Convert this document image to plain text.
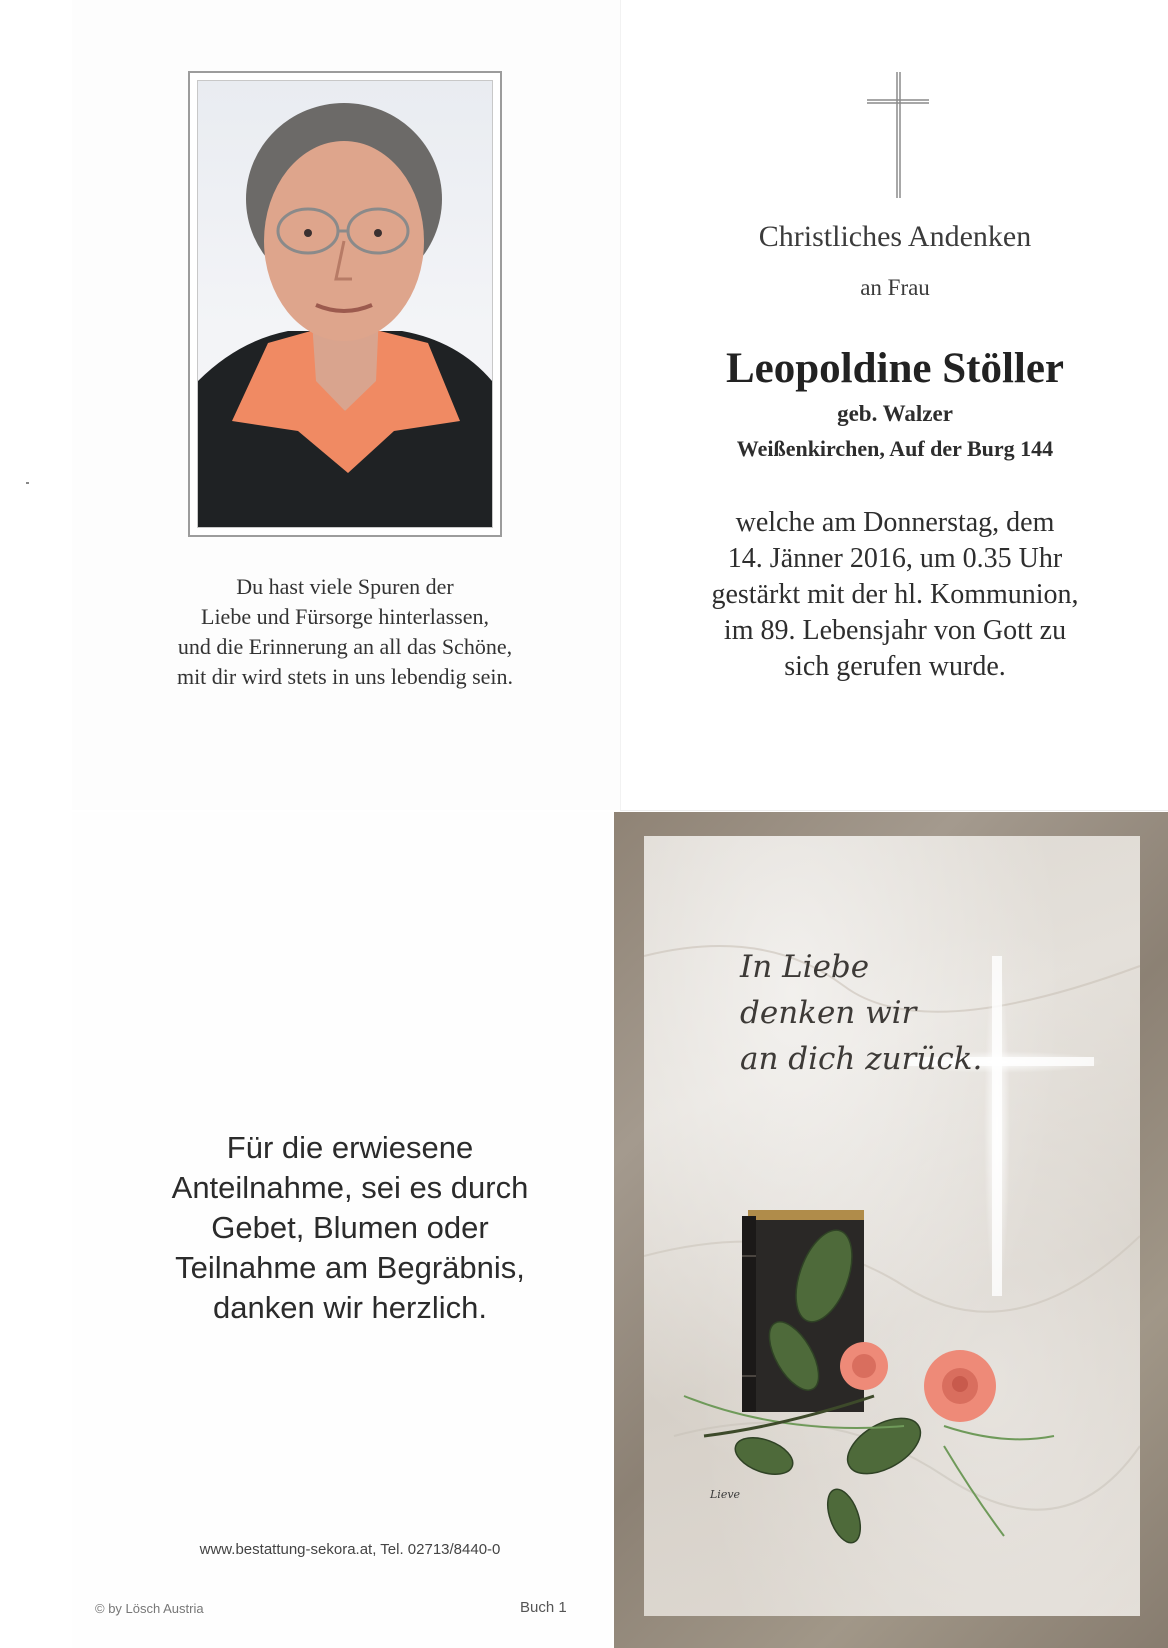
Du hast viele Spuren der
Liebe und Fürsorge hinterlassen,
und die Erinnerung an all das Schöne,
mit dir wird stets in uns lebendig sein.
Christliches Andenken
an Frau
Leopoldine Stöller
geb. Walzer
Weißenkirchen, Auf der Burg 144
welche am Donnerstag, dem
14. Jänner 2016, um 0.35 Uhr
gestärkt mit der hl. Kommunion,
im 89. Lebensjahr von Gott zu
sich gerufen wurde.
Für die erwiesene
Anteilnahme, sei es durch
Gebet, Blumen oder
Teilnahme am Begräbnis,
danken wir herzlich.
www.bestattung-sekora.at, Tel. 02713/8440-0
© by Lösch Austria	Buch 1
In Liebe
denken wir
an dich zurück.
Lieve
